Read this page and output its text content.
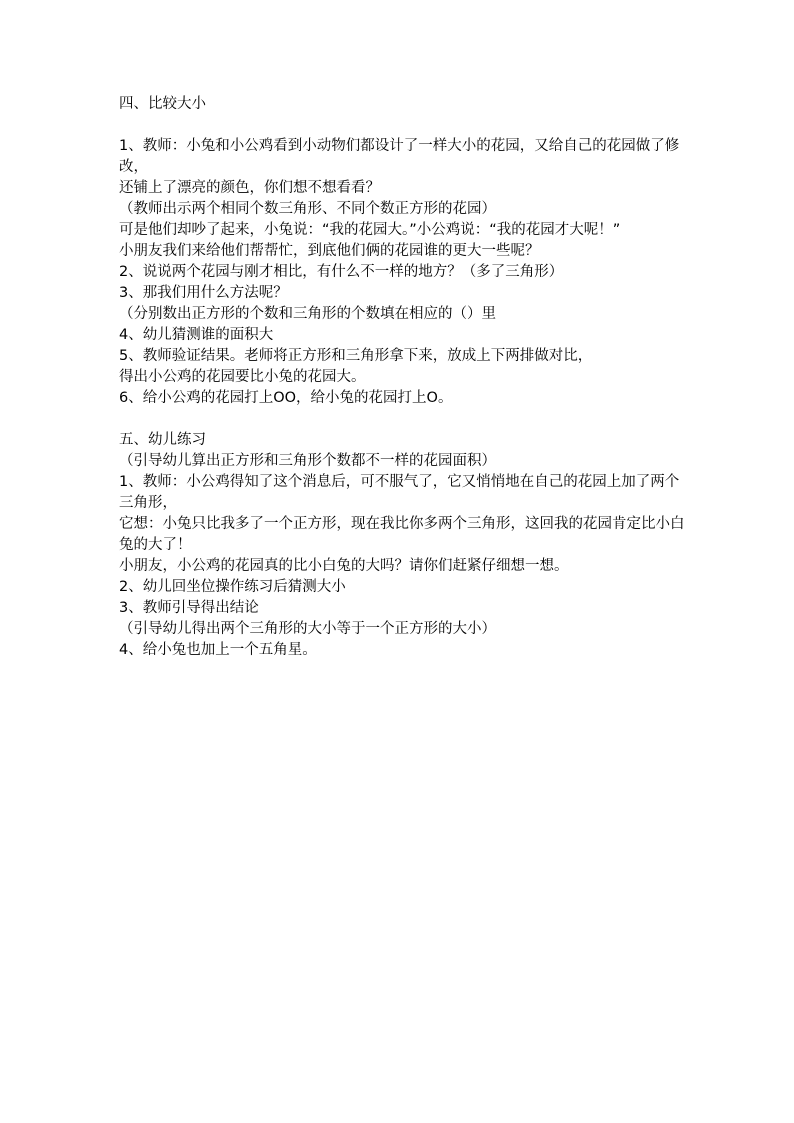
四、比较大小
1、教师：小兔和小公鸡看到小动物们都设计了一样大小的花园，又给自己的花园做了修改，
还铺上了漂亮的颜色，你们想不想看看？
（教师出示两个相同个数三角形、不同个数正方形的花园）
可是他们却吵了起来，小兔说：“我的花园大。”小公鸡说：“我的花园才大呢！”
小朋友我们来给他们帮帮忙，到底他们俩的花园谁的更大一些呢？
2、说说两个花园与刚才相比，有什么不一样的地方？（多了三角形）
3、那我们用什么方法呢？
（分别数出正方形的个数和三角形的个数填在相应的（）里
4、幼儿猜测谁的面积大
5、教师验证结果。老师将正方形和三角形拿下来，放成上下两排做对比，
得出小公鸡的花园要比小兔的花园大。
6、给小公鸡的花园打上OO，给小兔的花园打上O。
五、幼儿练习
（引导幼儿算出正方形和三角形个数都不一样的花园面积）
1、教师：小公鸡得知了这个消息后，可不服气了，它又悄悄地在自己的花园上加了两个三角形，
它想：小兔只比我多了一个正方形，现在我比你多两个三角形，这回我的花园肯定比小白兔的大了！
小朋友，小公鸡的花园真的比小白兔的大吗？请你们赶紧仔细想一想。
2、幼儿回坐位操作练习后猜测大小
3、教师引导得出结论
（引导幼儿得出两个三角形的大小等于一个正方形的大小）
4、给小兔也加上一个五角星。
